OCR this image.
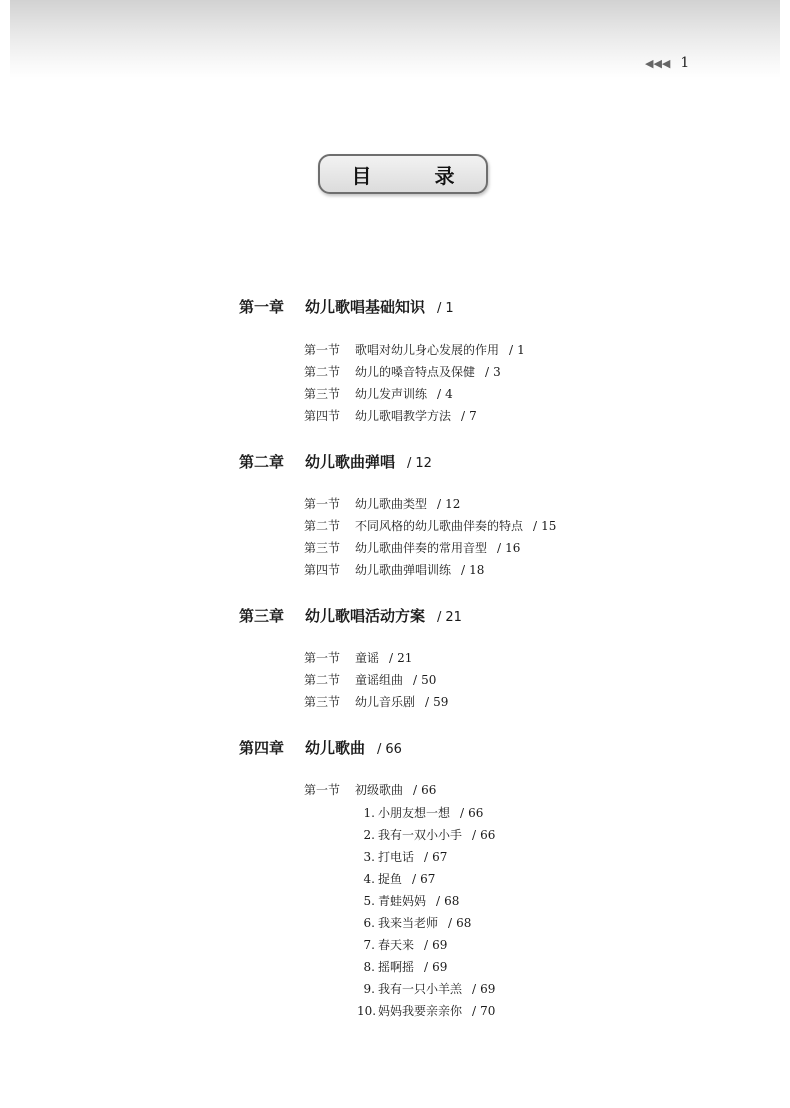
◀◀◀ 1
目 录
第一章	幼儿歌唱基础知识 / 1
第一节	歌唱对幼儿身心发展的作用 / 1
第二节	幼儿的嗓音特点及保健 / 3
第三节	幼儿发声训练 / 4
第四节	幼儿歌唱教学方法 / 7
第二章	幼儿歌曲弹唱 / 12
第一节	幼儿歌曲类型 / 12
第二节	不同风格的幼儿歌曲伴奏的特点 / 15
第三节	幼儿歌曲伴奏的常用音型 / 16
第四节	幼儿歌曲弹唱训练 / 18
第三章	幼儿歌唱活动方案 / 21
第一节	童谣 / 21
第二节	童谣组曲 / 50
第三节	幼儿音乐剧 / 59
第四章	幼儿歌曲 / 66
第一节	初级歌曲 / 66
1. 小朋友想一想 / 66
2. 我有一双小小手 / 66
3. 打电话 / 67
4. 捉鱼 / 67
5. 青蛙妈妈 / 68
6. 我来当老师 / 68
7. 春天来 / 69
8. 摇啊摇 / 69
9. 我有一只小羊羔 / 69
10. 妈妈我要亲亲你 / 70
